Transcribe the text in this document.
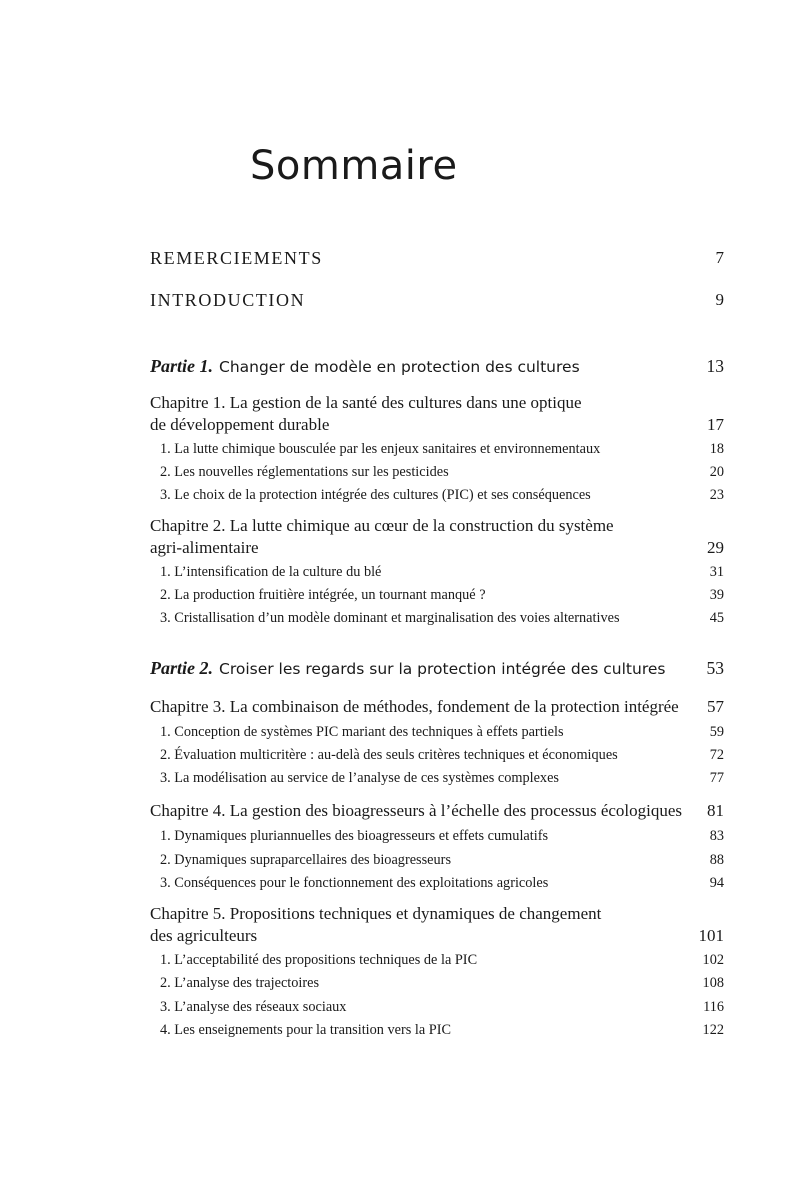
Sommaire
REMERCIEMENTS	7
INTRODUCTION	9
Partie 1. Changer de modèle en protection des cultures	13
Chapitre 1. La gestion de la santé des cultures dans une optique
de développement durable	17
1. La lutte chimique bousculée par les enjeux sanitaires et environnementaux	18
2. Les nouvelles réglementations sur les pesticides	20
3. Le choix de la protection intégrée des cultures (PIC) et ses conséquences	23
Chapitre 2. La lutte chimique au cœur de la construction du système
agri-alimentaire	29
1. L’intensification de la culture du blé	31
2. La production fruitière intégrée, un tournant manqué ?	39
3. Cristallisation d’un modèle dominant et marginalisation des voies alternatives	45
Partie 2. Croiser les regards sur la protection intégrée des cultures 53
Chapitre 3. La combinaison de méthodes, fondement de la protection intégrée 57
1. Conception de systèmes PIC mariant des techniques à effets partiels	59
2. Évaluation multicritère : au-delà des seuls critères techniques et économiques	72
3. La modélisation au service de l’analyse de ces systèmes complexes	77
Chapitre 4. La gestion des bioagresseurs à l’échelle des processus écologiques 81
1. Dynamiques pluriannuelles des bioagresseurs et effets cumulatifs	83
2. Dynamiques supraparcellaires des bioagresseurs	88
3. Conséquences pour le fonctionnement des exploitations agricoles	94
Chapitre 5. Propositions techniques et dynamiques de changement
des agriculteurs	101
1. L’acceptabilité des propositions techniques de la PIC	102
2. L’analyse des trajectoires	108
3. L’analyse des réseaux sociaux	116
4. Les enseignements pour la transition vers la PIC	122
